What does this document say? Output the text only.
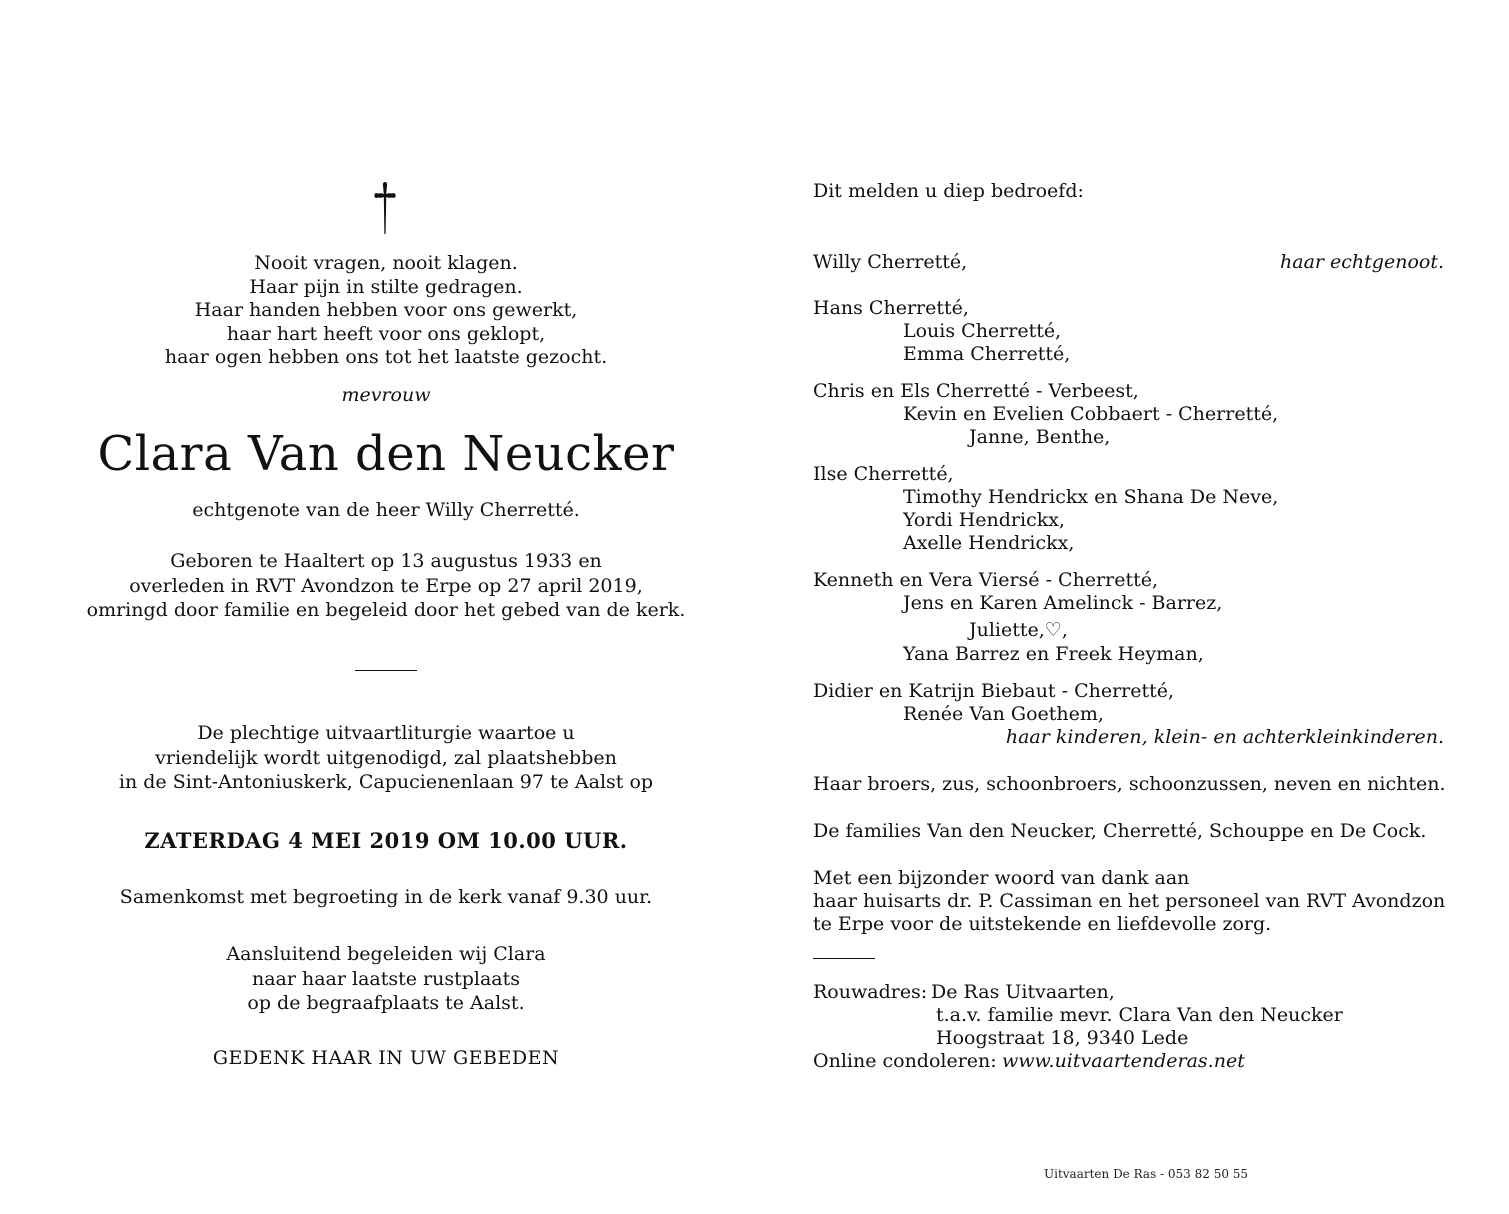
Nooit vragen, nooit klagen.
Haar pijn in stilte gedragen.
Haar handen hebben voor ons gewerkt,
haar hart heeft voor ons geklopt,
haar ogen hebben ons tot het laatste gezocht.
mevrouw
Clara Van den Neucker
echtgenote van de heer Willy Cherretté.
Geboren te Haaltert op 13 augustus 1933 en
overleden in RVT Avondzon te Erpe op 27 april 2019,
omringd door familie en begeleid door het gebed van de kerk.
De plechtige uitvaartliturgie waartoe u
vriendelijk wordt uitgenodigd, zal plaatshebben
in de Sint-Antoniuskerk, Capucienenlaan 97 te Aalst op
ZATERDAG 4 MEI 2019 OM 10.00 UUR.
Samenkomst met begroeting in de kerk vanaf 9.30 uur.
Aansluitend begeleiden wij Clara
naar haar laatste rustplaats
op de begraafplaats te Aalst.
GEDENK HAAR IN UW GEBEDEN
Dit melden u diep bedroefd:
Willy Cherretté,	haar echtgenoot.
Hans Cherretté,
Louis Cherretté,
Emma Cherretté,
Chris en Els Cherretté - Verbeest,
Kevin en Evelien Cobbaert - Cherretté,
Janne, Benthe,
Ilse Cherretté,
Timothy Hendrickx en Shana De Neve,
Yordi Hendrickx,
Axelle Hendrickx,
Kenneth en Vera Viersé - Cherretté,
Jens en Karen Amelinck - Barrez,
Juliette,♡,
Yana Barrez en Freek Heyman,
Didier en Katrijn Biebaut - Cherretté,
Renée Van Goethem,
haar kinderen, klein- en achterkleinkinderen.
Haar broers, zus, schoonbroers, schoonzussen, neven en nichten.
De families Van den Neucker, Cherretté, Schouppe en De Cock.
Met een bijzonder woord van dank aan
haar huisarts dr. P. Cassiman en het personeel van RVT Avondzon
te Erpe voor de uitstekende en liefdevolle zorg.
Rouwadres: De Ras Uitvaarten,
t.a.v. familie mevr. Clara Van den Neucker
Hoogstraat 18, 9340 Lede
Online condoleren: www.uitvaartenderas.net
Uitvaarten De Ras - 053 82 50 55
